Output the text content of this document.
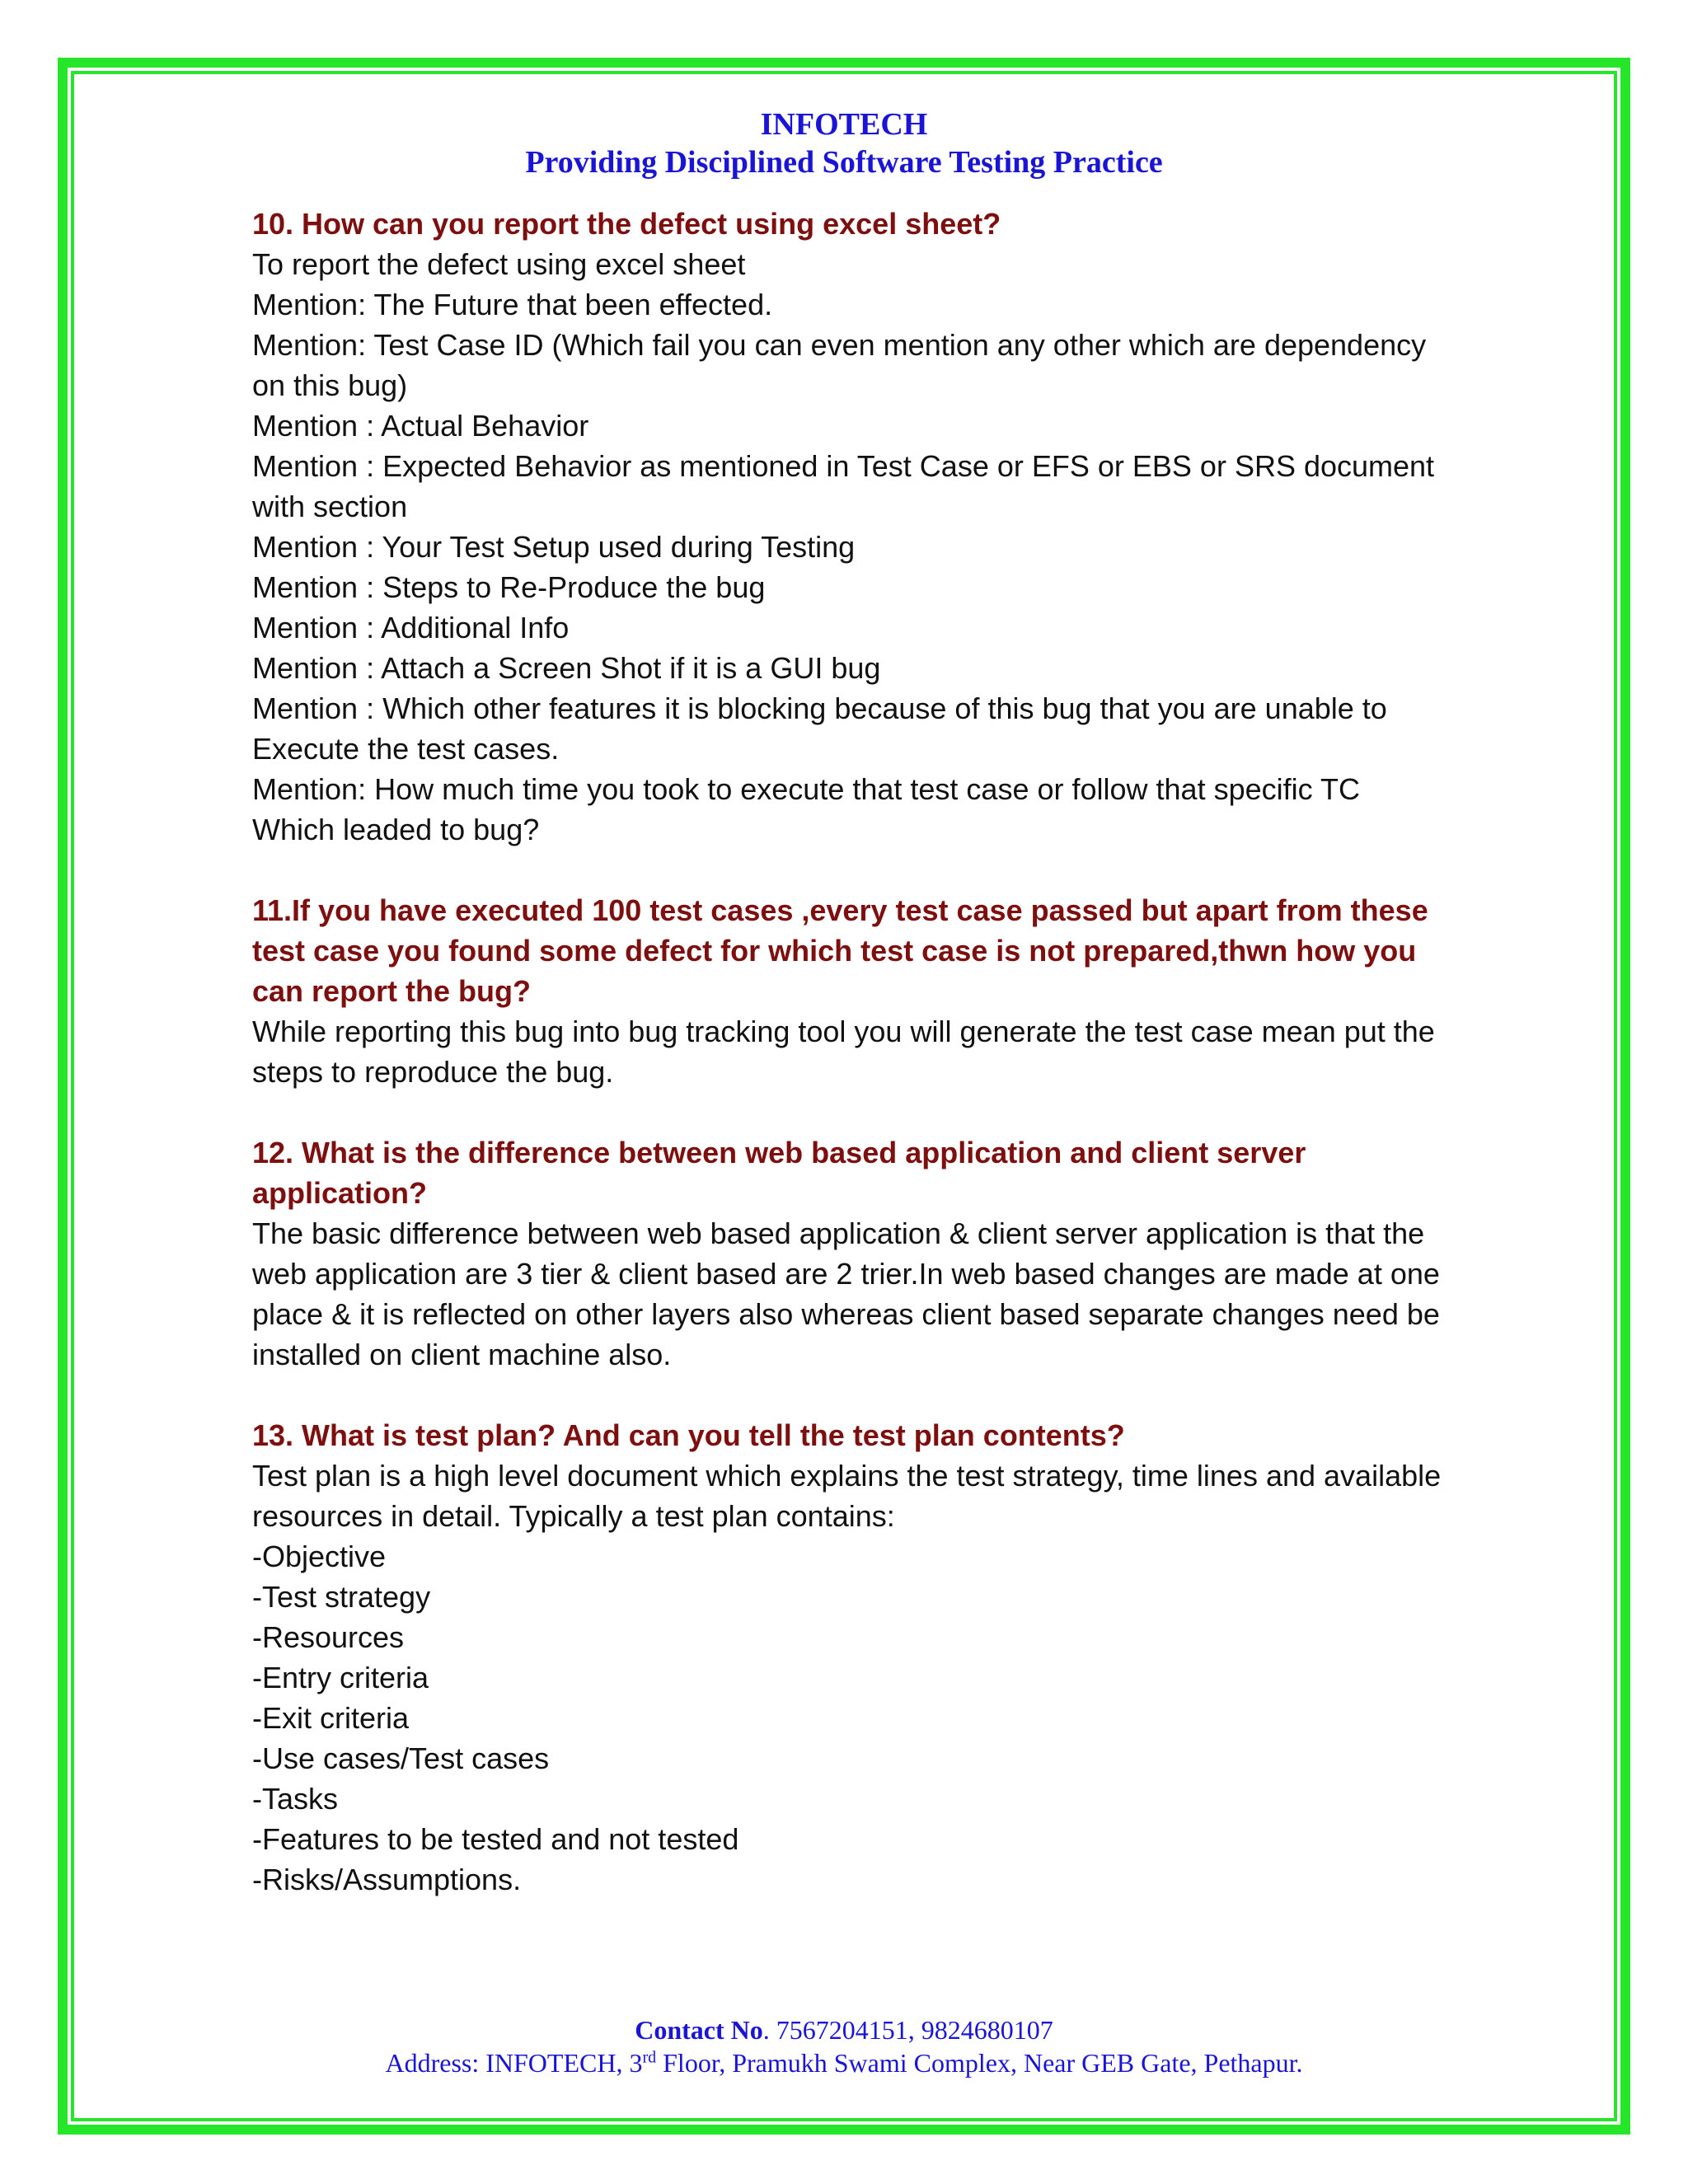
INFOTECH
Providing Disciplined Software Testing Practice
10. How can you report the defect using excel sheet?
To report the defect using excel sheet
Mention: The Future that been effected.
Mention: Test Case ID (Which fail you can even mention any other which are dependency on this bug)
Mention : Actual Behavior
Mention : Expected Behavior as mentioned in Test Case or EFS or EBS or SRS document with section
Mention : Your Test Setup used during Testing
Mention : Steps to Re-Produce the bug
Mention : Additional Info
Mention : Attach a Screen Shot if it is a GUI bug
Mention : Which other features it is blocking because of this bug that you are unable to Execute the test cases.
Mention: How much time you took to execute that test case or follow that specific TC Which leaded to bug?
11.If you have executed 100 test cases ,every test case passed but apart from these test case you found some defect for which test case is not prepared,thwn how you can report the bug?
While reporting this bug into bug tracking tool you will generate the test case mean put the steps to reproduce the bug.
12. What is the difference between web based application and client server application?
The basic difference between web based application & client server application is that the web application are 3 tier & client based are 2 trier.In web based changes are made at one place & it is reflected on other layers also whereas client based separate changes need be installed on client machine also.
13. What is test plan? And can you tell the test plan contents?
Test plan is a high level document which explains the test strategy, time lines and available resources in detail. Typically a test plan contains:
-Objective
-Test strategy
-Resources
-Entry criteria
-Exit criteria
-Use cases/Test cases
-Tasks
-Features to be tested and not tested
-Risks/Assumptions.
Contact No. 7567204151, 9824680107
Address: INFOTECH, 3rd Floor, Pramukh Swami Complex, Near GEB Gate, Pethapur.
